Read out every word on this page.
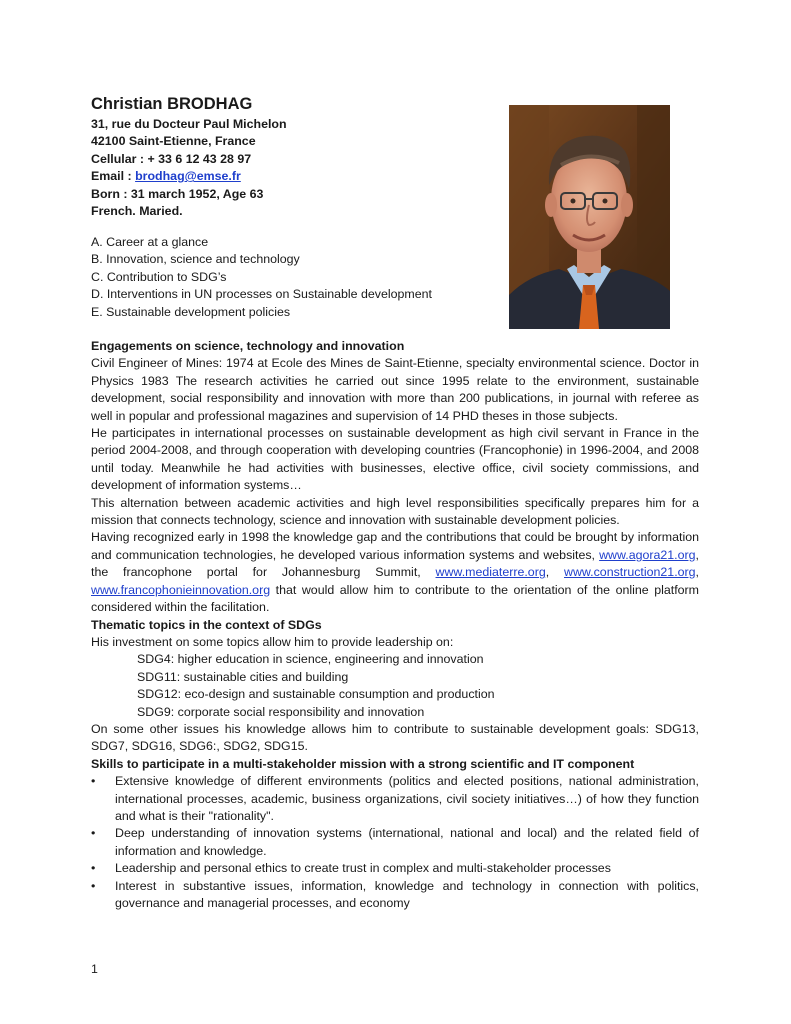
Christian BRODHAG
31, rue du Docteur Paul Michelon
42100 Saint-Etienne, France
Cellular : + 33 6 12 43 28 97
Email : brodhag@emse.fr
Born : 31 march 1952, Age 63
French. Maried.
A. Career at a glance
B. Innovation, science and technology
C. Contribution to SDG’s
D. Interventions in UN processes on Sustainable development
E. Sustainable development policies

Engagements on science, technology and innovation

Civil Engineer of Mines: 1974 at Ecole des Mines de Saint-Etienne, specialty environmental science. Doctor in Physics 1983 The research activities he carried out since 1995 relate to the environment, sustainable development, social responsibility and innovation with more than 200 publications, in journal with referee as well in popular and professional magazines and supervision of 14 PHD theses in those subjects.

He participates in international processes on sustainable development as high civil servant in France in the period 2004-2008, and through cooperation with developing countries (Francophonie) in 1996-2004, and 2008 until today. Meanwhile he had activities with businesses, elective office, civil society commissions, and development of information systems…

This alternation between academic activities and high level responsibilities specifically prepares him for a mission that connects technology, science and innovation with sustainable development policies.

Having recognized early in 1998 the knowledge gap and the contributions that could be brought by information and communication technologies, he developed various information systems and websites, www.agora21.org, the francophone portal for Johannesburg Summit, www.mediaterre.org, www.construction21.org, www.francophonieinnovation.org that would allow him to contribute to the orientation of the online platform considered within the facilitation.

Thematic topics in the context of SDGs

His investment on some topics allow him to provide leadership on:

SDG4: higher education in science, engineering and innovation
SDG11: sustainable cities and building
SDG12: eco-design and sustainable consumption and production
SDG9: corporate social responsibility and innovation

On some other issues his knowledge allows him to contribute to sustainable development goals: SDG13, SDG7, SDG16, SDG6:, SDG2, SDG15.

Skills to participate in a multi-stakeholder mission with a strong scientific and IT component

• Extensive knowledge of different environments (politics and elected positions, national administration, international processes, academic, business organizations, civil society initiatives…) of how they function and what is their "rationality".
• Deep understanding of innovation systems (international, national and local) and the related field of information and knowledge.
• Leadership and personal ethics to create trust in complex and multi-stakeholder processes
• Interest in substantive issues, information, knowledge and technology in connection with politics, governance and managerial processes, and economy
1
